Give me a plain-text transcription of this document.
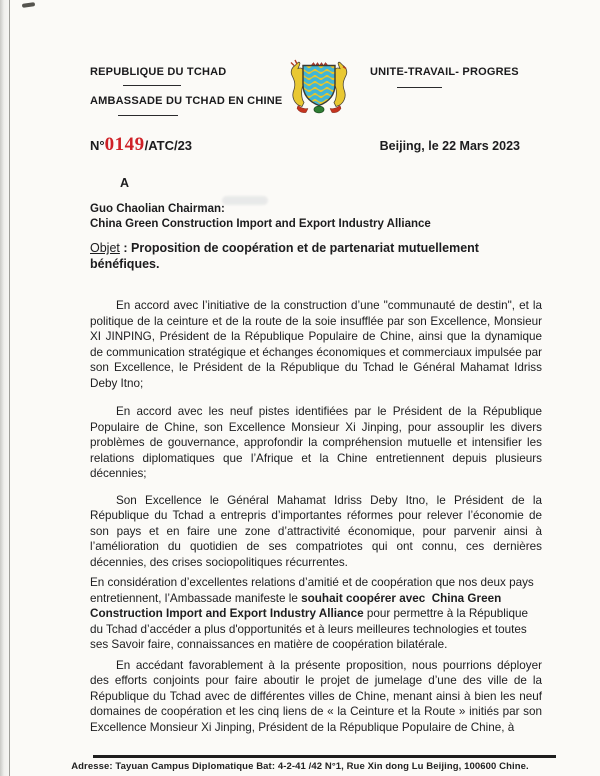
REPUBLIQUE DU TCHAD
AMBASSADE DU TCHAD EN CHINE
UNITE-TRAVAIL- PROGRES
N°0149/ATC/23	Beijing, le 22 Mars 2023
A
Guo Chaolian Chairman:
China Green Construction Import and Export Industry Alliance
Objet : Proposition de coopération et de partenariat mutuellement bénéfiques.

En accord avec l’initiative de la construction d’une "communauté de destin", et la politique de la ceinture et de la route de la soie insufflée par son Excellence, Monsieur XI JINPING, Président de la République Populaire de Chine, ainsi que la dynamique de communication stratégique et échanges économiques et commerciaux impulsée par son Excellence, le Président de la République du Tchad le Général Mahamat Idriss Deby Itno;

En accord avec les neuf pistes identifiées par le Président de la République Populaire de Chine, son Excellence Monsieur Xi Jinping, pour assouplir les divers problèmes de gouvernance, approfondir la compréhension mutuelle et intensifier les relations diplomatiques que l’Afrique et la Chine entretiennent depuis plusieurs décennies;

Son Excellence le Général Mahamat Idriss Deby Itno, le Président de la République du Tchad a entrepris d’importantes réformes pour relever l’économie de son pays et en faire une zone d’attractivité économique, pour parvenir ainsi à l’amélioration du quotidien de ses compatriotes qui ont connu, ces dernières décennies, des crises sociopolitiques récurrentes.

En considération d’excellentes relations d’amitié et de coopération que nos deux pays entretiennent, l’Ambassade manifeste le souhait coopérer avec  China Green Construction Import and Export Industry Alliance pour permettre à la République du Tchad d’accéder a plus d'opportunités et à leurs meilleures technologies et toutes ses Savoir faire, connaissances en matière de coopération bilatérale.

En accédant favorablement à la présente proposition, nous pourrions déployer des efforts conjoints pour faire aboutir le projet de jumelage d’une des ville de la République du Tchad avec de différentes villes de Chine, menant ainsi à bien les neuf domaines de coopération et les cinq liens de « la Ceinture et la Route » initiés par son Excellence Monsieur Xi Jinping, Président de la République Populaire de Chine, à

Adresse: Tayuan Campus Diplomatique Bat: 4-2-41 /42 N°1, Rue Xin dong Lu Beijing, 100600 Chine.
